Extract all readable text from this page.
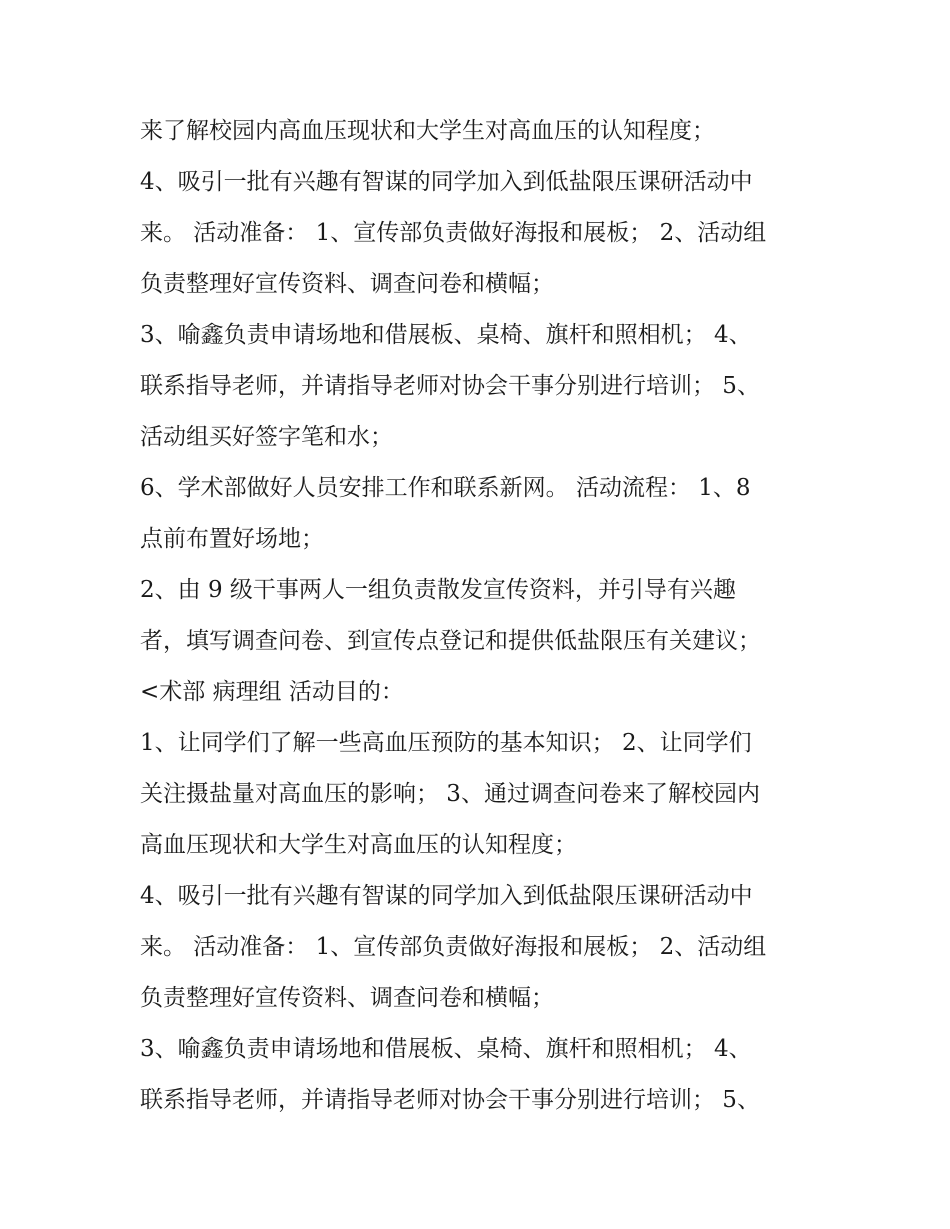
来了解校园内高血压现状和大学生对高血压的认知程度；
4、吸引一批有兴趣有智谋的同学加入到低盐限压课研活动中
来。 活动准备： 1、宣传部负责做好海报和展板； 2、活动组
负责整理好宣传资料、调查问卷和横幅；
3、喻鑫负责申请场地和借展板、桌椅、旗杆和照相机； 4、
联系指导老师，并请指导老师对协会干事分别进行培训； 5、
活动组买好签字笔和水；
6、学术部做好人员安排工作和联系新网。 活动流程： 1、8
点前布置好场地；
2、由 9 级干事两人一组负责散发宣传资料，并引导有兴趣
者，填写调查问卷、到宣传点登记和提供低盐限压有关建议；
<术部 病理组 活动目的：
1、让同学们了解一些高血压预防的基本知识； 2、让同学们
关注摄盐量对高血压的影响； 3、通过调查问卷来了解校园内
高血压现状和大学生对高血压的认知程度；
4、吸引一批有兴趣有智谋的同学加入到低盐限压课研活动中
来。 活动准备： 1、宣传部负责做好海报和展板； 2、活动组
负责整理好宣传资料、调查问卷和横幅；
3、喻鑫负责申请场地和借展板、桌椅、旗杆和照相机； 4、
联系指导老师，并请指导老师对协会干事分别进行培训； 5、
